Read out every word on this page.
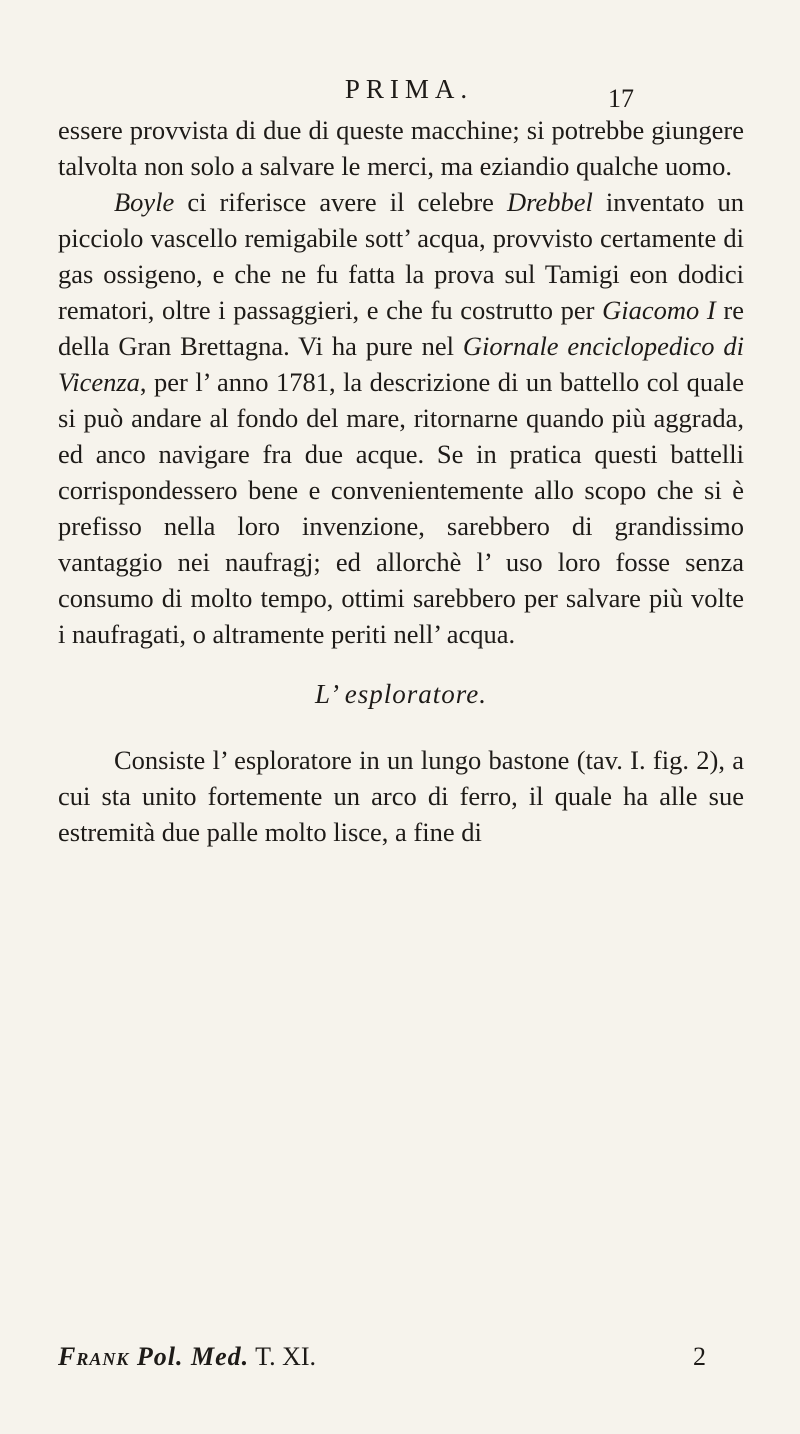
PRIMA.	17

essere provvista di due di queste macchine; si potrebbe giungere talvolta non solo a salvare le merci, ma eziandio qualche uomo.

Boyle ci riferisce avere il celebre Drebbel inventato un picciolo vascello remigabile sott’ acqua, provvisto certamente di gas ossigeno, e che ne fu fatta la prova sul Tamigi eon dodici rematori, oltre i passaggieri, e che fu costrutto per Giacomo I re della Gran Brettagna. Vi ha pure nel Giornale enciclopedico di Vicenza, per l’ anno 1781, la descrizione di un battello col quale si può andare al fondo del mare, ritornarne quando più aggrada, ed anco navigare fra due acque. Se in pratica questi battelli corrispondessero bene e convenientemente allo scopo che si è prefisso nella loro invenzione, sarebbero di grandissimo vantaggio nei naufragj; ed allorchè l’ uso loro fosse senza consumo di molto tempo, ottimi sarebbero per salvare più volte i naufragati, o altramente periti nell’ acqua.

L’ esploratore.

Consiste l’ esploratore in un lungo bastone (tav. I. fig. 2), a cui sta unito fortemente un arco di ferro, il quale ha alle sue estremità due palle molto lisce, a fine di

Frank Pol. Med. T. XI.	2
